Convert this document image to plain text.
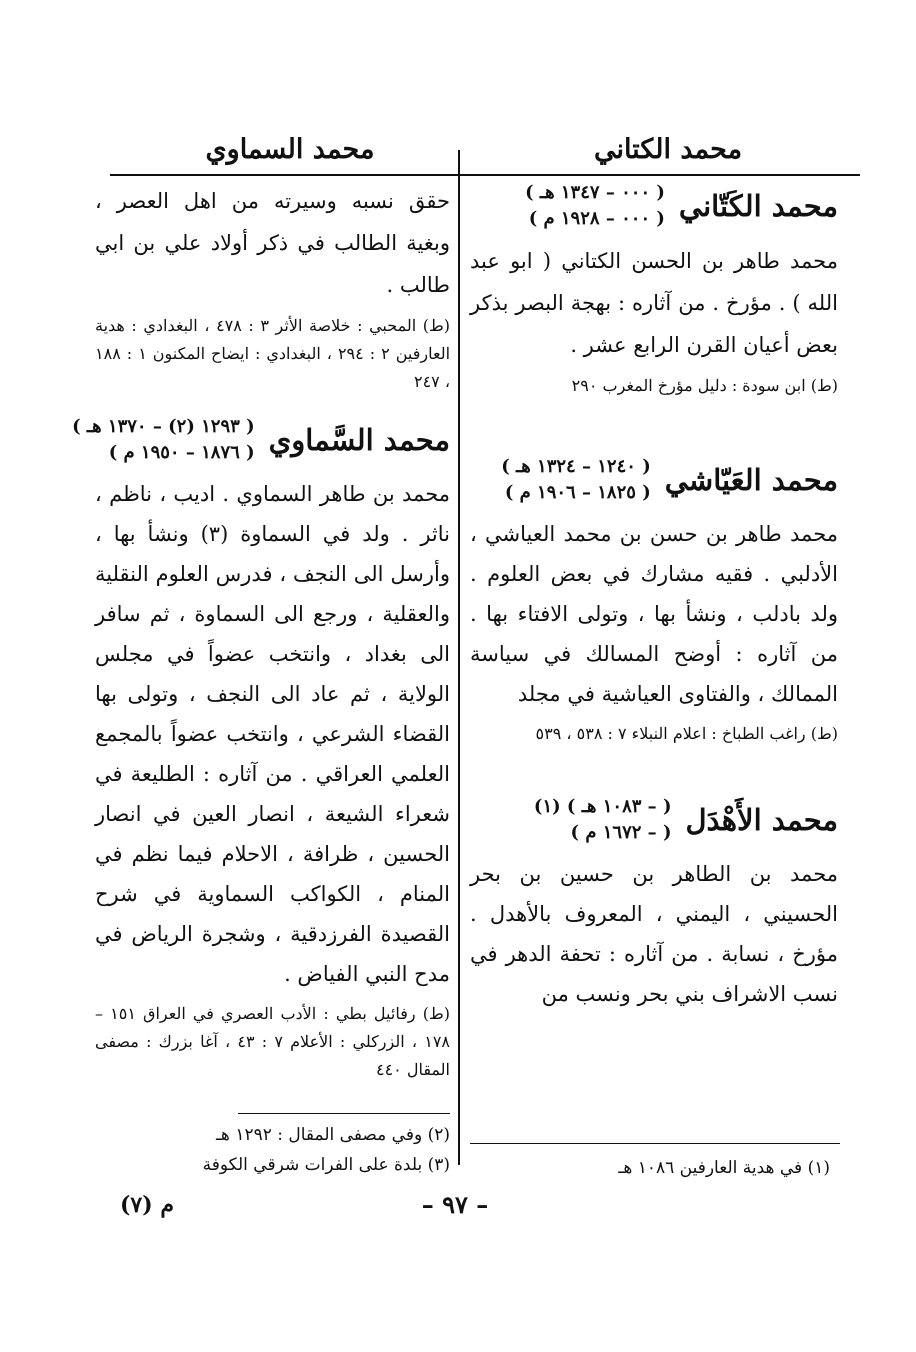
محمد الكتاني
محمد السماوي
محمد الكَتّاني
( ٠٠٠ – ١٣٤٧ هـ )
( ٠٠٠ – ١٩٢٨ م )

محمد طاهر بن الحسن الكتاني ( ابو عبد الله ) . مؤرخ . من آثاره : بهجة البصر بذكر بعض أعيان القرن الرابع عشر .

(ط) ابن سودة : دليل مؤرخ المغرب ٢٩٠

محمد العَيّاشي
( ١٢٤٠ – ١٣٢٤ هـ )
( ١٨٢٥ – ١٩٠٦ م )

محمد طاهر بن حسن بن محمد العياشي ، الأدلبي . فقيه مشارك في بعض العلوم . ولد بادلب ، ونشأ بها ، وتولى الافتاء بها . من آثاره : أوضح المسالك في سياسة الممالك ، والفتاوى العياشية في مجلد

(ط) راغب الطباخ : اعلام النبلاء ٧ : ٥٣٨ ، ٥٣٩

محمد الأَهْدَل
( – ١٠٨٣ هـ ) (١)
( – ١٦٧٢ م )

محمد بن الطاهر بن حسين بن بحر الحسيني ، اليمني ، المعروف بالأهدل . مؤرخ ، نسابة . من آثاره : تحفة الدهر في نسب الاشراف بني بحر ونسب من

حقق نسبه وسيرته من اهل العصر ، وبغية الطالب في ذكر أولاد علي بن ابي طالب .

(ط) المحبي : خلاصة الأثر ٣ : ٤٧٨ ، البغدادي : هدية العارفين ٢ : ٢٩٤ ، البغدادي : ايضاح المكنون ١ : ١٨٨ ، ٢٤٧

محمد السَّماوي
( ١٢٩٣ (٢) – ١٣٧٠ هـ )
( ١٨٧٦ – ١٩٥٠ م )

محمد بن طاهر السماوي . اديب ، ناظم ، ناثر . ولد في السماوة (٣) ونشأ بها ، وأرسل الى النجف ، فدرس العلوم النقلية والعقلية ، ورجع الى السماوة ، ثم سافر الى بغداد ، وانتخب عضواً في مجلس الولاية ، ثم عاد الى النجف ، وتولى بها القضاء الشرعي ، وانتخب عضواً بالمجمع العلمي العراقي . من آثاره : الطليعة في شعراء الشيعة ، انصار العين في انصار الحسين ، ظرافة ، الاحلام فيما نظم في المنام ، الكواكب السماوية في شرح القصيدة الفرزدقية ، وشجرة الرياض في مدح النبي الفياض .

(ط) رفائيل بطي : الأدب العصري في العراق ١٥١ – ١٧٨ ، الزركلي : الأعلام ٧ : ٤٣ ، آغا بزرك : مصفى المقال ٤٤٠

(١) في هدية العارفين ١٠٨٦ هـ
(٢) وفي مصفى المقال : ١٢٩٢ هـ
(٣) بلدة على الفرات شرقي الكوفة
– ٩٧ –
م (٧)
